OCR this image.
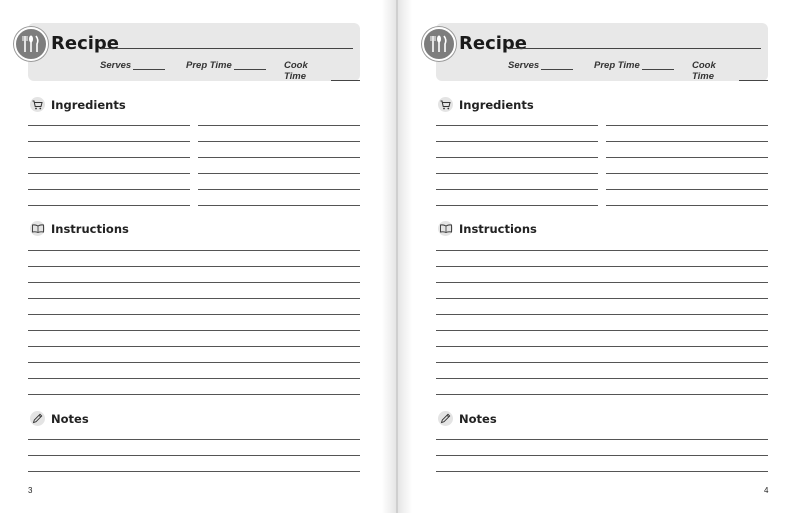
Recipe
Serves	Prep Time	Cook Time
Ingredients
Instructions
Notes
3
Recipe
Serves	Prep Time	Cook Time
Ingredients
Instructions
Notes
4
